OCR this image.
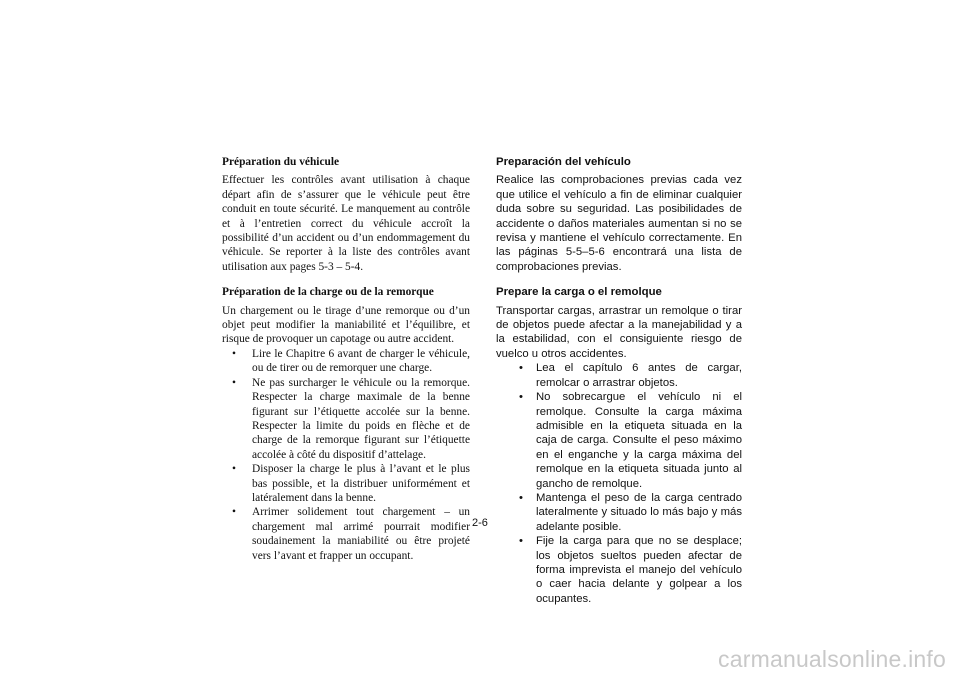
Préparation du véhicule

Effectuer les contrôles avant utilisation à chaque départ afin de s’assurer que le véhicule peut être conduit en toute sécurité. Le manquement au contrôle et à l’entretien correct du véhicule accroît la possibilité d’un accident ou d’un endommagement du véhicule. Se reporter à la liste des contrôles avant utilisation aux pages 5-3 – 5-4.

Préparation de la charge ou de la remorque

Un chargement ou le tirage d’une remorque ou d’un objet peut modifier la maniabilité et l’équilibre, et risque de provoquer un capotage ou autre accident.

• Lire le Chapitre 6 avant de charger le véhicule, ou de tirer ou de remorquer une charge.
• Ne pas surcharger le véhicule ou la remorque. Respecter la charge maximale de la benne figurant sur l’étiquette accolée sur la benne. Respecter la limite du poids en flèche et de charge de la remorque figurant sur l’étiquette accolée à côté du dispositif d’attelage.
• Disposer la charge le plus à l’avant et le plus bas possible, et la distribuer uniformément et latéralement dans la benne.
• Arrimer solidement tout chargement – un chargement mal arrimé pourrait modifier soudainement la maniabilité ou être projeté vers l’avant et frapper un occupant.
Preparación del vehículo

Realice las comprobaciones previas cada vez que utilice el vehículo a fin de eliminar cualquier duda sobre su seguridad. Las posibilidades de accidente o daños materiales aumentan si no se revisa y mantiene el vehículo correctamente. En las páginas 5-5–5-6 encontrará una lista de comprobaciones previas.

Prepare la carga o el remolque

Transportar cargas, arrastrar un remolque o tirar de objetos puede afectar a la manejabilidad y a la estabilidad, con el consiguiente riesgo de vuelco u otros accidentes.

• Lea el capítulo 6 antes de cargar, remolcar o arrastrar objetos.
• No sobrecargue el vehículo ni el remolque. Consulte la carga máxima admisible en la etiqueta situada en la caja de carga. Consulte el peso máximo en el enganche y la carga máxima del remolque en la etiqueta situada junto al gancho de remolque.
• Mantenga el peso de la carga centrado lateralmente y situado lo más bajo y más adelante posible.
• Fije la carga para que no se desplace; los objetos sueltos pueden afectar de forma imprevista el manejo del vehículo o caer hacia delante y golpear a los ocupantes.
2-6
carmanualsonline.info
